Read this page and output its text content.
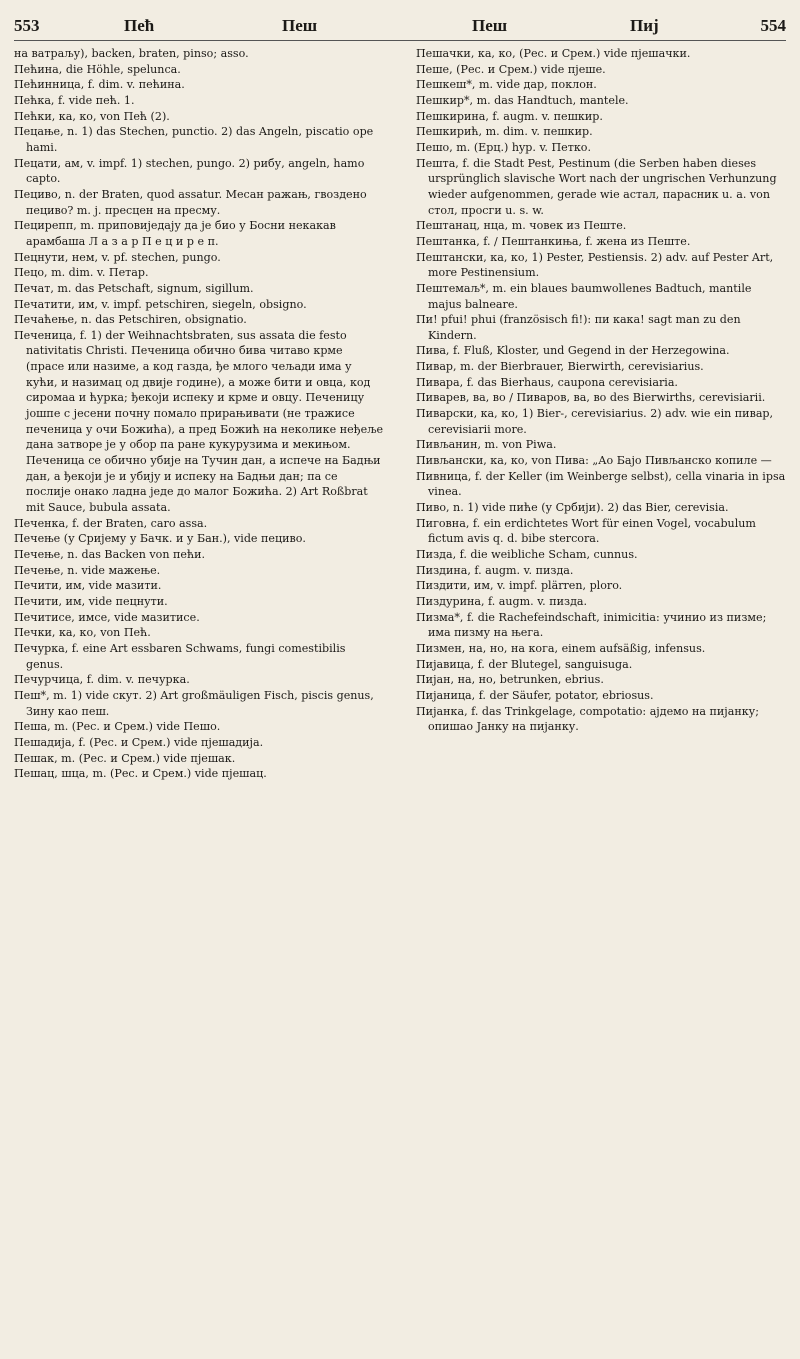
553	Пећ	Пеш	Пеш	Пиј	554

на ватраљу), backen, braten, pinso; asso.

Пећина, die Höhle, spelunca.

Пећинница, f. dim. v. пећина.

Пећка, f. vide пећ. 1.

Пећки, ка, ко, von Пећ (2).

Пецање, n. 1) das Stechen, punctio. 2) das Angeln, piscatio ope hami.

Пецати, ам, v. impf. 1) stechen, pungo. 2) рибу, angeln, hamo capto.

Пециво, n. der Braten, quod assatur. Месан ражањ, гвоздено пециво? m. j. пресцен на пресму.

Пецирепп, m. приповиједају да је био у Босни некакав арамбаша Л а з а р П е ц и р е п.

Пецнути, нем, v. pf. stechen, pungo.

Пецо, m. dim. v. Петар.

Печат, m. das Petschaft, signum, sigillum.

Печатити, им, v. impf. petschiren, siegeln, obsigno.

Печаћење, n. das Petschiren, obsignatio.

Печеница, f. 1) der Weihnachtsbraten, sus assata die festo nativitatis Christi. Печеница обично бива читаво крме (прасе или назиме, а код газда, ђе млого чељади има у кући, и назимац од двије године), а може бити и овца, код сиромаа и ћурка; ђекоји испеку и крме и овцу. Печеницу јошпе с јесени почну помало прирањивати (не тражисе печеница у очи Божића), а пред Божић на неколике неђеље дана затворе је у обор па ране кукурузима и мекињом. Печеница се обично убије на Тучин дан, а испече на Бадњи дан, а ђекоји је и убију и испеку на Бадњи дан; па се послије онако ладна једе до малог Божића. 2) Art Roßbrat mit Sauce, bubula assata.

Печенка, f. der Braten, caro assa.

Печење (у Сријему у Бачк. и у Бан.), vide пециво.

Печење, n. das Backen von пећи.

Печење, n. vide мажење.

Печити, им, vide мазити.

Печити, им, vide пецнути.

Печитисе, имсе, vide мазитисе.

Печки, ка, ко, von Пећ.

Печурка, f. eine Art essbaren Schwams, fungi comestibilis genus.

Печурчица, f. dim. v. печурка.

Пеш*, m. 1) vide скут. 2) Art großmäuligen Fisch, piscis genus, Зину као пеш.

Пеша, m. (Рес. и Срем.) vide Пешо.

Пешадија, f. (Рес. и Срем.) vide пјешадија.

Пешак, m. (Рес. и Срем.) vide пјешак.

Пешац, шца, m. (Рес. и Срем.) vide пјешац.

Пешачки, ка, ко, (Рес. и Срем.) vide пјешачки.

Пеше, (Рес. и Срем.) vide пјеше.

Пешкеш*, m. vide дар, поклон.

Пешкир*, m. das Handtuch, mantele.

Пешкирина, f. augm. v. пешкир.

Пешкирић, m. dim. v. пешкир.

Пешо, m. (Ерц.) hyp. v. Петко.

Пешта, f. die Stadt Pest, Pestinum (die Serben haben dieses ursprünglich slavische Wort nach der ungrischen Verhunzung wieder aufgenommen, gerade wie астал, парасник u. a. von стол, просги u. s. w.

Пештанац, нца, m. човек из Пеште.

Пештанка, f. / Пештанкиња, f. жена из Пеште.

Пештански, ка, ко, 1) Pester, Pestiensis. 2) adv. auf Pester Art, more Pestinensium.

Пештемаљ*, m. ein blaues baumwollenes Badtuch, mantile majus balneare.

Пи! pfui! phui (französisch fi!): пи кака! sagt man zu den Kindern.

Пива, f. Fluß, Kloster, und Gegend in der Herzegowina.

Пивар, m. der Bierbrauer, Bierwirth, cerevisiarius.

Пивара, f. das Bierhaus, caupona cerevisiaria.

Пиварев, ва, во / Пиваров, ва, во des Bierwirths, cerevisiarii.

Пиварски, ка, ко, 1) Bier-, cerevisiarius. 2) adv. wie ein пивар, cerevisiarii more.

Пивљанин, m. von Piwa.

Пивљански, ка, ко, von Пива: „Ао Бајо Пивљанско копиле —

Пивница, f. der Keller (im Weinberge selbst), cella vinaria in ipsa vinea.

Пиво, n. 1) vide пиће (у Србији). 2) das Bier, cerevisia.

Пиговна, f. ein erdichtetes Wort für einen Vogel, vocabulum fictum avis q. d. bibe stercora.

Пизда, f. die weibliche Scham, cunnus.

Пиздина, f. augm. v. пизда.

Пиздити, им, v. impf. plärren, ploro.

Пиздурина, f. augm. v. пизда.

Пизма*, f. die Rachefeindschaft, inimicitia: учинио из пизме; има пизму на њега.

Пизмен, на, но, на кога, einem aufsäßig, infensus.

Пијавица, f. der Blutegel, sanguisuga.

Пијан, на, но, betrunken, ebrius.

Пијаница, f. der Säufer, potator, ebriosus.

Пијанка, f. das Trinkgelage, compotatio: ајдемо на пијанку; опишао Јанку на пијанку.
